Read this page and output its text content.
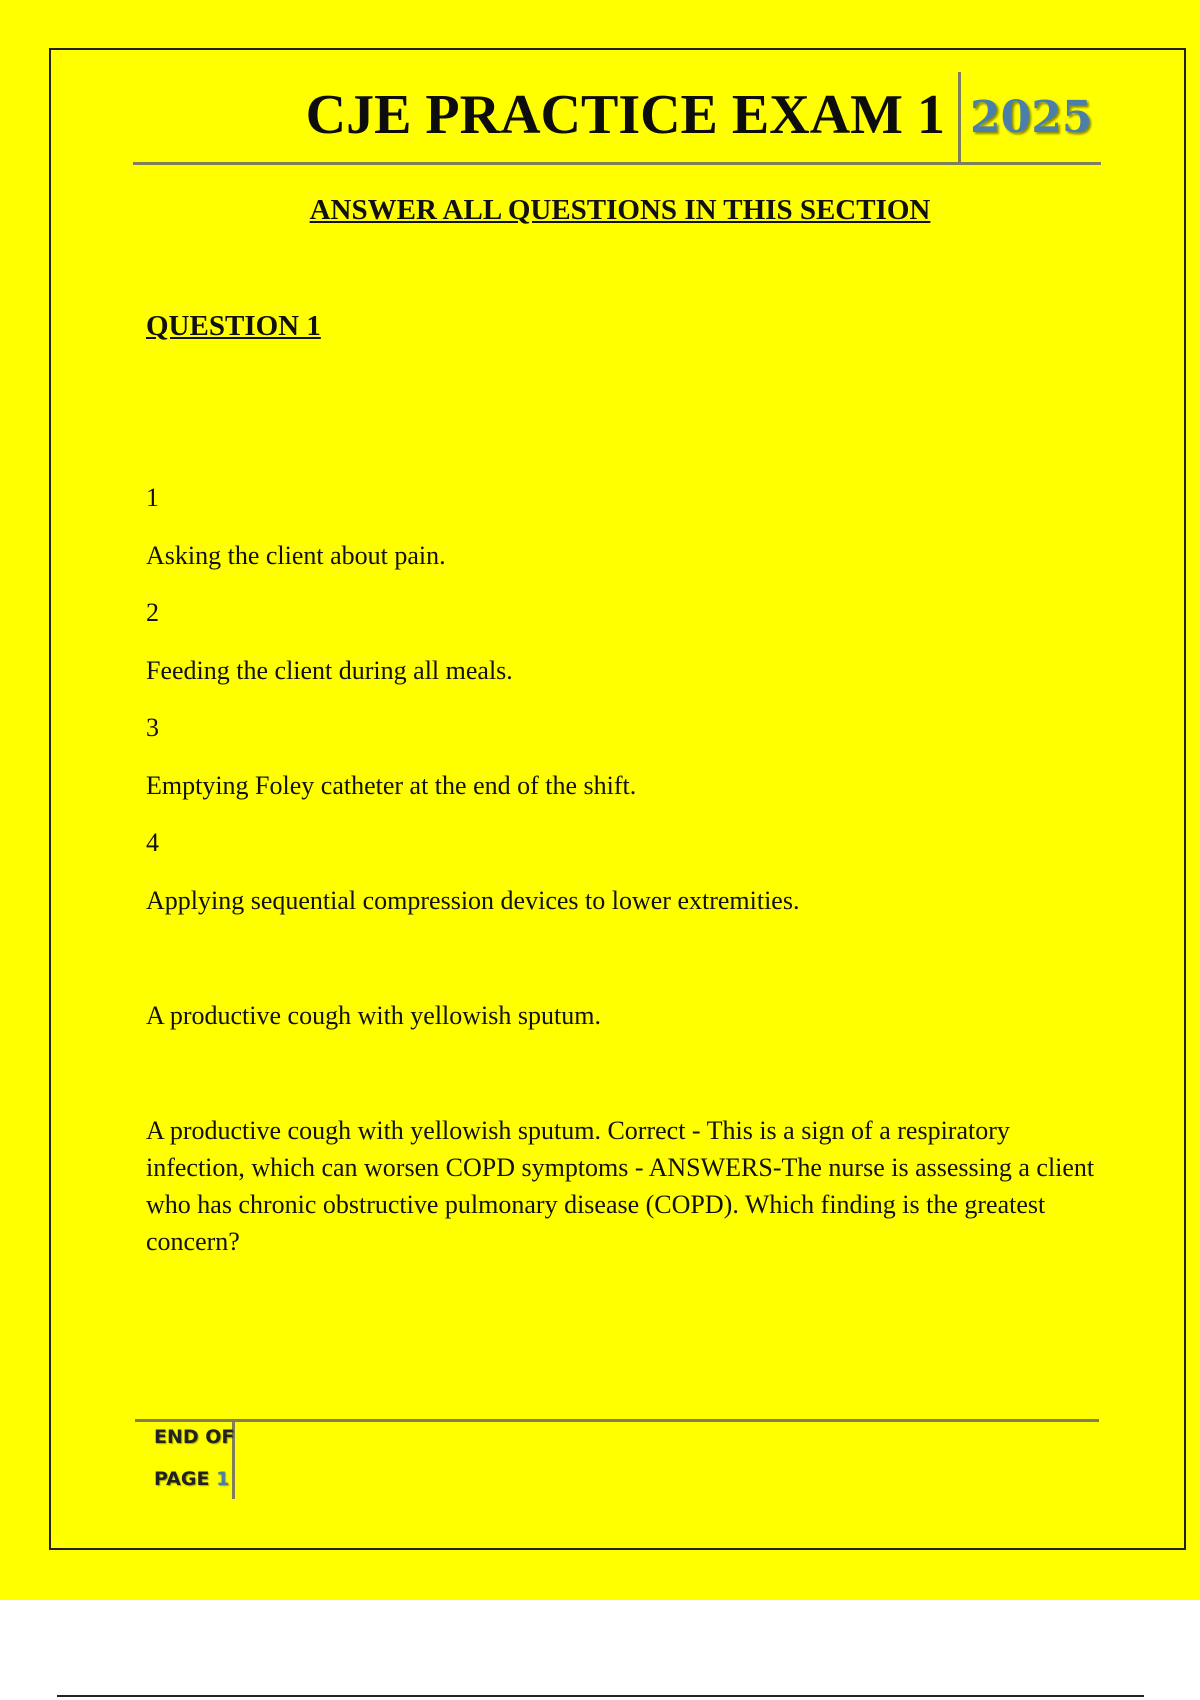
CJE PRACTICE EXAM 1 2025
ANSWER ALL QUESTIONS IN THIS SECTION
QUESTION 1
1
Asking the client about pain.
2
Feeding the client during all meals.
3
Emptying Foley catheter at the end of the shift.
4
Applying sequential compression devices to lower extremities.
A productive cough with yellowish sputum.
A productive cough with yellowish sputum. Correct - This is a sign of a respiratory infection, which can worsen COPD symptoms - ANSWERS-The nurse is assessing a client who has chronic obstructive pulmonary disease (COPD). Which finding is the greatest concern?
END OF
PAGE 1
